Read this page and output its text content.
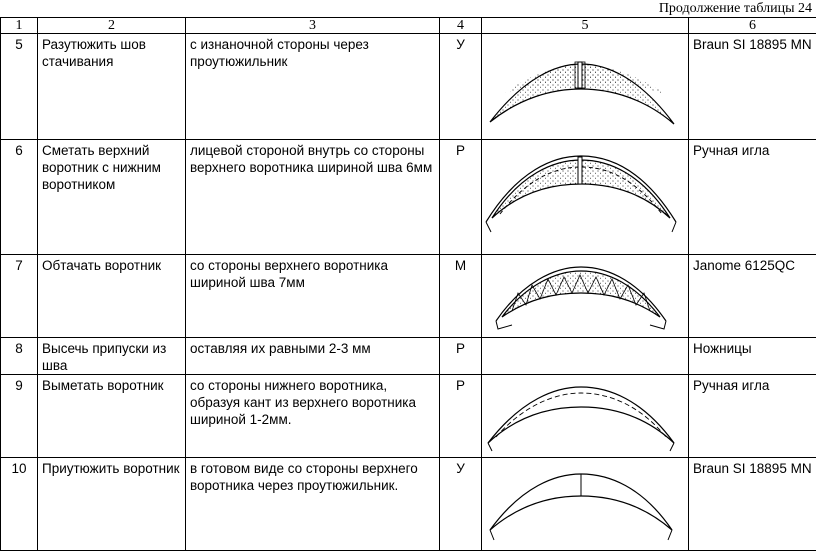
Продолжение таблицы 24
1	2	3	4	5	6
5	Разутюжить шов стачивания	с изнаночной стороны через проутюжильник	У		Braun SI 18895 MN
6	Сметать верхний воротник с нижним воротником	лицевой стороной внутрь со стороны верхнего воротника шириной шва 6мм	Р		Ручная игла
7	Обтачать воротник	со стороны верхнего воротника шириной шва 7мм	М		Janome 6125QC
8	Высечь припуски из шва	оставляя их равными 2-3 мм	Р		Ножницы
9	Выметать воротник	со стороны нижнего воротника, образуя кант из верхнего воротника шириной 1-2мм.	Р		Ручная игла
10	Приутюжить воротник	в готовом виде со стороны верхнего воротника через проутюжильник.	У		Braun SI 18895 MN
